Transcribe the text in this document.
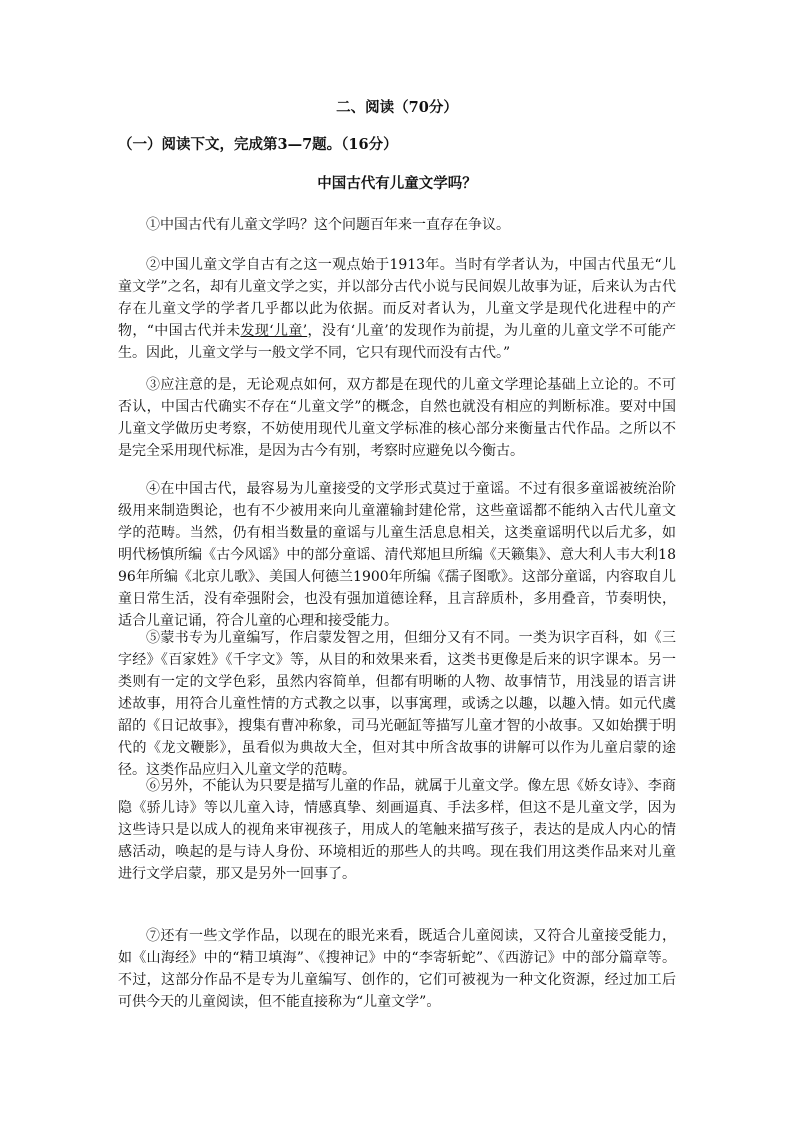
二、阅读（70分）
（一）阅读下文，完成第3—7题。（16分）
中国古代有儿童文学吗？

①中国古代有儿童文学吗？这个问题百年来一直存在争议。

②中国儿童文学自古有之这一观点始于1913年。当时有学者认为，中国古代虽无“儿童文学”之名，却有儿童文学之实，并以部分古代小说与民间娱儿故事为证，后来认为古代存在儿童文学的学者几乎都以此为依据。而反对者认为，儿童文学是现代化进程中的产物，“中国古代并未发现‘儿童’，没有‘儿童’的发现作为前提，为儿童的儿童文学不可能产生。因此，儿童文学与一般文学不同，它只有现代而没有古代。”

③应注意的是，无论观点如何，双方都是在现代的儿童文学理论基础上立论的。不可否认，中国古代确实不存在“儿童文学”的概念，自然也就没有相应的判断标准。要对中国儿童文学做历史考察，不妨使用现代儿童文学标准的核心部分来衡量古代作品。之所以不是完全采用现代标准，是因为古今有别，考察时应避免以今衡古。

④在中国古代，最容易为儿童接受的文学形式莫过于童谣。不过有很多童谣被统治阶级用来制造舆论，也有不少被用来向儿童灌输封建伦常，这些童谣都不能纳入古代儿童文学的范畴。当然，仍有相当数量的童谣与儿童生活息息相关，这类童谣明代以后尤多，如明代杨慎所编《古今风谣》中的部分童谣、清代郑旭旦所编《天籁集》、意大利人韦大利1896年所编《北京儿歌》、美国人何德兰1900年所编《孺子图歌》。这部分童谣，内容取自儿童日常生活，没有牵强附会，也没有强加道德诠释，且言辞质朴，多用叠音，节奏明快，适合儿童记诵，符合儿童的心理和接受能力。

⑤蒙书专为儿童编写，作启蒙发智之用，但细分又有不同。一类为识字百科，如《三字经》《百家姓》《千字文》等，从目的和效果来看，这类书更像是后来的识字课本。另一类则有一定的文学色彩，虽然内容简单，但都有明晰的人物、故事情节，用浅显的语言讲述故事，用符合儿童性情的方式教之以事，以事寓理，或诱之以趣，以趣入情。如元代虞韶的《日记故事》，搜集有曹冲称象，司马光砸缸等描写儿童才智的小故事。又如始撰于明代的《龙文鞭影》，虽看似为典故大全，但对其中所含故事的讲解可以作为儿童启蒙的途径。这类作品应归入儿童文学的范畴。

⑥另外，不能认为只要是描写儿童的作品，就属于儿童文学。像左思《娇女诗》、李商隐《骄儿诗》等以儿童入诗，情感真挚、刻画逼真、手法多样，但这不是儿童文学，因为这些诗只是以成人的视角来审视孩子，用成人的笔触来描写孩子，表达的是成人内心的情感活动，唤起的是与诗人身份、环境相近的那些人的共鸣。现在我们用这类作品来对儿童进行文学启蒙，那又是另外一回事了。

⑦还有一些文学作品，以现在的眼光来看，既适合儿童阅读，又符合儿童接受能力，如《山海经》中的“精卫填海”、《搜神记》中的“李寄斩蛇”、《西游记》中的部分篇章等。不过，这部分作品不是专为儿童编写、创作的，它们可被视为一种文化资源，经过加工后可供今天的儿童阅读，但不能直接称为“儿童文学”。
